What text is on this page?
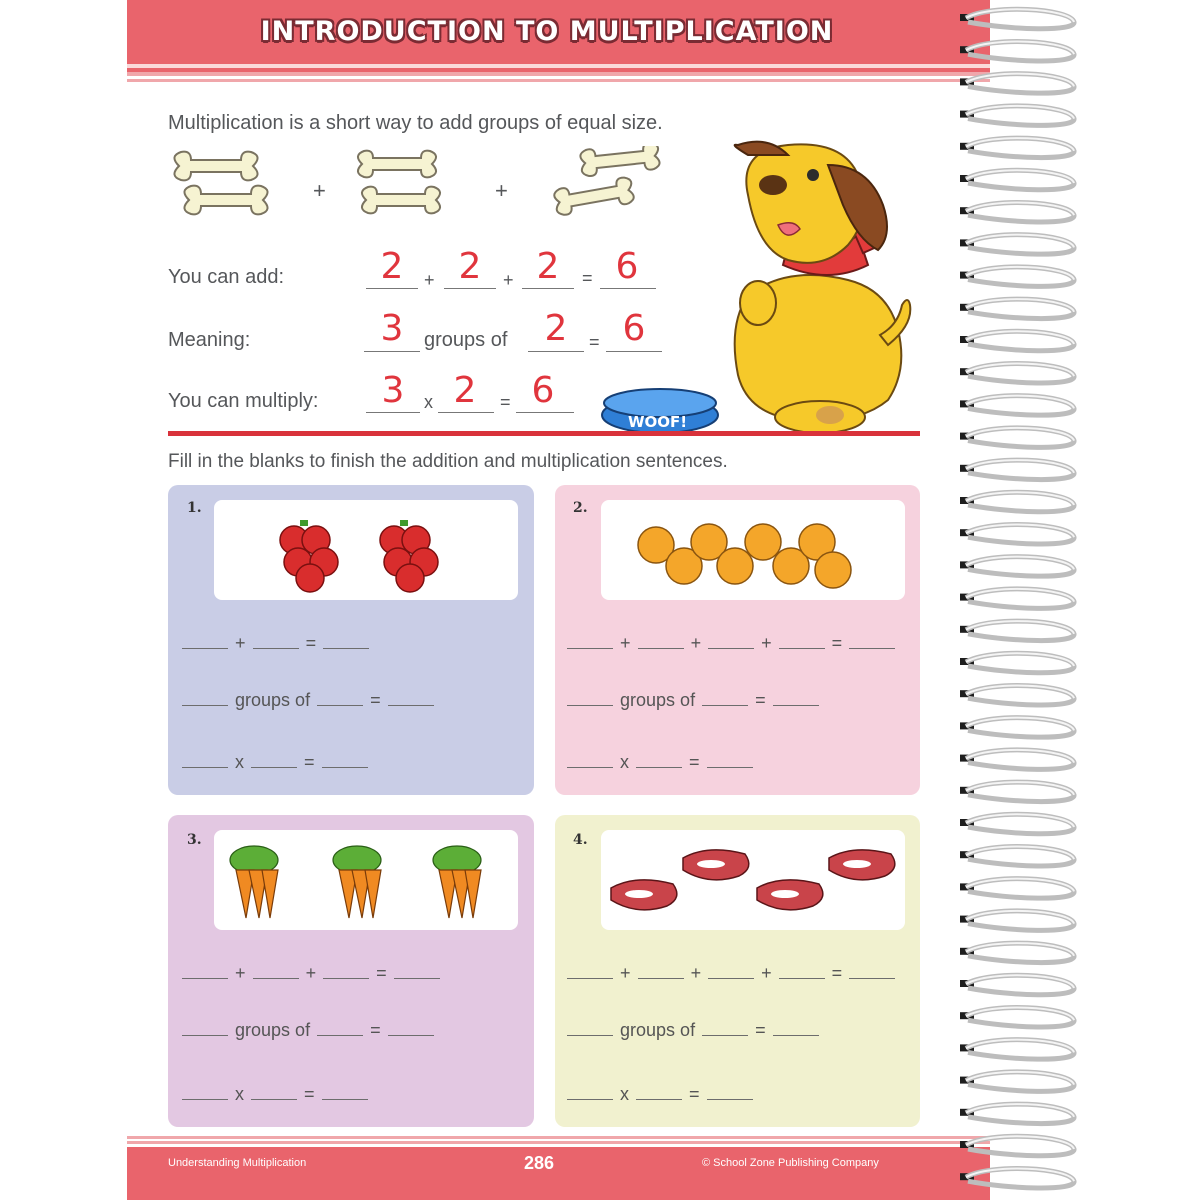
INTRODUCTION TO MULTIPLICATION
Multiplication is a short way to add groups of equal size.
+	+
You can add:	2	+ 2	+ 2	= 6
Meaning:	3	groups of	2	= 6
You can multiply:	3	x 2	= 6
WOOF!
Fill in the blanks to finish the addition and multiplication sentences.
1.
+	=
groups of	=
x	=
2.
+	+	+	=
groups of	=
x	=
3.
+	+	=
groups of	=
x	=
4.
+	+	+	=
groups of	=
x	=
Understanding Multiplication	286	© School Zone Publishing Company
